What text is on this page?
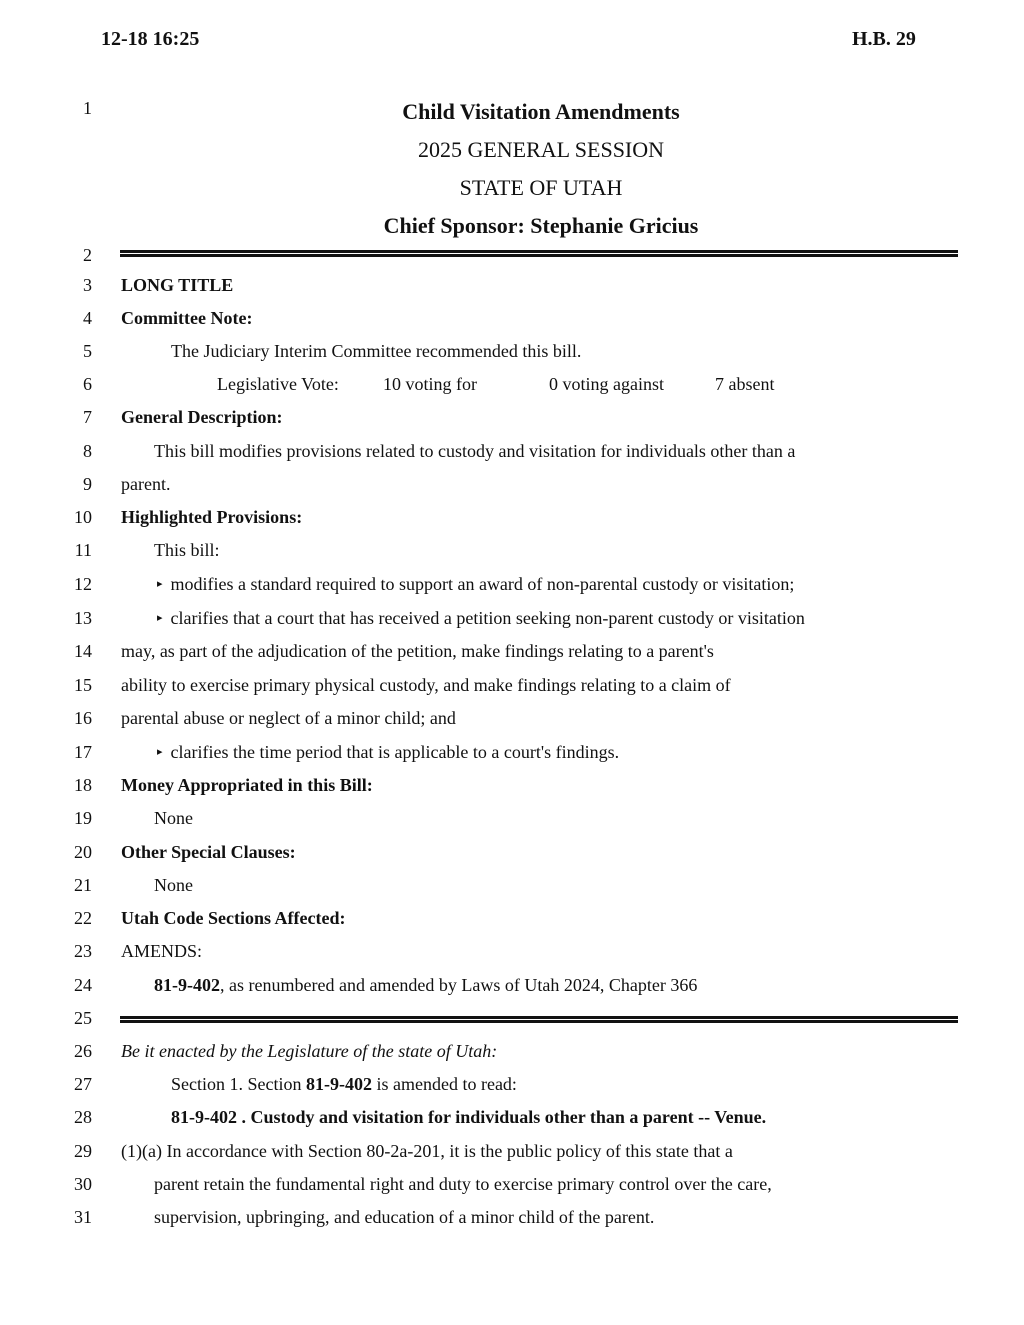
12-18 16:25	H.B. 29
1
2
3
4
5
6
7
8
9
10
11
12
13
14
15
16
17
18
19
20
21
22
23
24
25
26
27
28
29
30
31
Child Visitation Amendments
2025 GENERAL SESSION
STATE OF UTAH
Chief Sponsor: Stephanie Gricius
LONG TITLE
Committee Note:
The Judiciary Interim Committee recommended this bill.
Legislative Vote: 10 voting for	0 voting against	7 absent
General Description:
This bill modifies provisions related to custody and visitation for individuals other than a
parent.
Highlighted Provisions:
This bill:
▸ modifies a standard required to support an award of non-parental custody or visitation;
▸ clarifies that a court that has received a petition seeking non-parent custody or visitation
may, as part of the adjudication of the petition, make findings relating to a parent's
ability to exercise primary physical custody, and make findings relating to a claim of
parental abuse or neglect of a minor child; and
▸ clarifies the time period that is applicable to a court's findings.
Money Appropriated in this Bill:
None
Other Special Clauses:
None
Utah Code Sections Affected:
AMENDS:
81-9-402, as renumbered and amended by Laws of Utah 2024, Chapter 366
Be it enacted by the Legislature of the state of Utah:
Section 1. Section 81-9-402 is amended to read:
81-9-402 . Custody and visitation for individuals other than a parent -- Venue.
(1)(a) In accordance with Section 80-2a-201, it is the public policy of this state that a
parent retain the fundamental right and duty to exercise primary control over the care,
supervision, upbringing, and education of a minor child of the parent.
